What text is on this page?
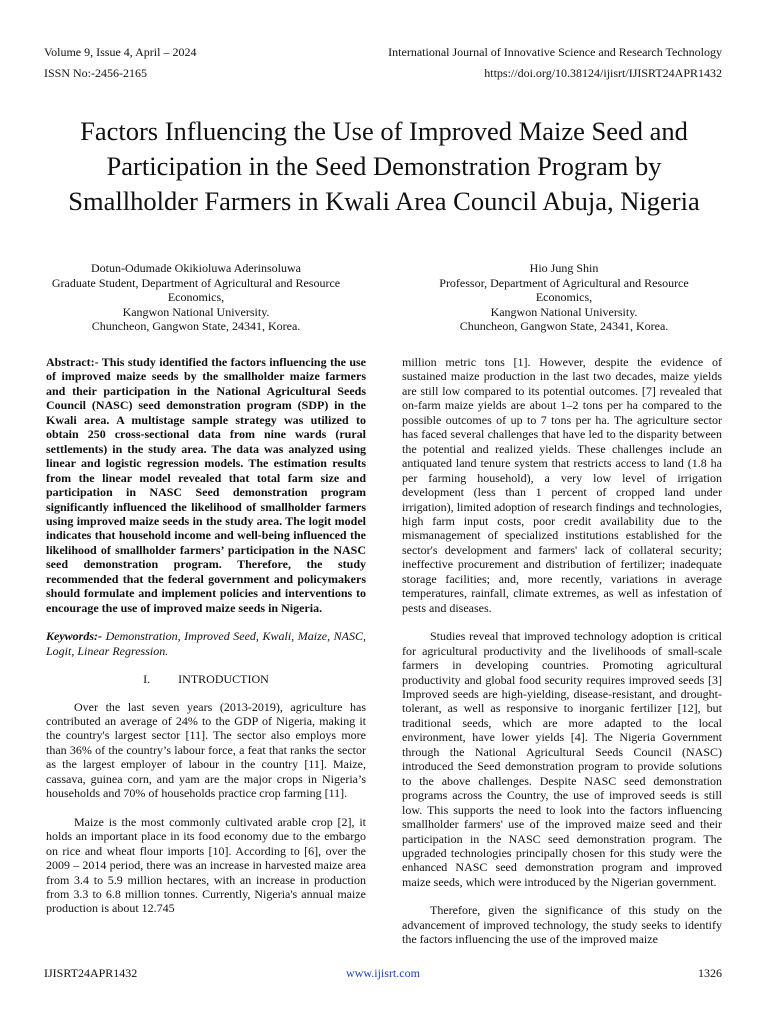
Volume 9, Issue 4, April – 2024	International Journal of Innovative Science and Research Technology
ISSN No:-2456-2165	https://doi.org/10.38124/ijisrt/IJISRT24APR1432
Factors Influencing the Use of Improved Maize Seed and Participation in the Seed Demonstration Program by Smallholder Farmers in Kwali Area Council Abuja, Nigeria
Dotun-Odumade Okikioluwa Aderinsoluwa
Graduate Student, Department of Agricultural and Resource Economics,
Kangwon National University.
Chuncheon, Gangwon State, 24341, Korea.
Hio Jung Shin
Professor, Department of Agricultural and Resource Economics,
Kangwon National University.
Chuncheon, Gangwon State, 24341, Korea.

Abstract:- This study identified the factors influencing the use of improved maize seeds by the smallholder maize farmers and their participation in the National Agricultural Seeds Council (NASC) seed demonstration program (SDP) in the Kwali area. A multistage sample strategy was utilized to obtain 250 cross-sectional data from nine wards (rural settlements) in the study area. The data was analyzed using linear and logistic regression models. The estimation results from the linear model revealed that total farm size and participation in NASC Seed demonstration program significantly influenced the likelihood of smallholder farmers using improved maize seeds in the study area. The logit model indicates that household income and well-being influenced the likelihood of smallholder farmers’ participation in the NASC seed demonstration program. Therefore, the study recommended that the federal government and policymakers should formulate and implement policies and interventions to encourage the use of improved maize seeds in Nigeria.

Keywords:- Demonstration, Improved Seed, Kwali, Maize, NASC, Logit, Linear Regression.

I. INTRODUCTION

Over the last seven years (2013-2019), agriculture has contributed an average of 24% to the GDP of Nigeria, making it the country's largest sector [11]. The sector also employs more than 36% of the country’s labour force, a feat that ranks the sector as the largest employer of labour in the country [11]. Maize, cassava, guinea corn, and yam are the major crops in Nigeria’s households and 70% of households practice crop farming [11].

Maize is the most commonly cultivated arable crop [2], it holds an important place in its food economy due to the embargo on rice and wheat flour imports [10]. According to [6], over the 2009 – 2014 period, there was an increase in harvested maize area from 3.4 to 5.9 million hectares, with an increase in production from 3.3 to 6.8 million tonnes. Currently, Nigeria's annual maize production is about 12.745

million metric tons [1]. However, despite the evidence of sustained maize production in the last two decades, maize yields are still low compared to its potential outcomes. [7] revealed that on-farm maize yields are about 1–2 tons per ha compared to the possible outcomes of up to 7 tons per ha. The agriculture sector has faced several challenges that have led to the disparity between the potential and realized yields. These challenges include an antiquated land tenure system that restricts access to land (1.8 ha per farming household), a very low level of irrigation development (less than 1 percent of cropped land under irrigation), limited adoption of research findings and technologies, high farm input costs, poor credit availability due to the mismanagement of specialized institutions established for the sector's development and farmers' lack of collateral security; ineffective procurement and distribution of fertilizer; inadequate storage facilities; and, more recently, variations in average temperatures, rainfall, climate extremes, as well as infestation of pests and diseases.

Studies reveal that improved technology adoption is critical for agricultural productivity and the livelihoods of small-scale farmers in developing countries. Promoting agricultural productivity and global food security requires improved seeds [3] Improved seeds are high-yielding, disease-resistant, and drought-tolerant, as well as responsive to inorganic fertilizer [12], but traditional seeds, which are more adapted to the local environment, have lower yields [4]. The Nigeria Government through the National Agricultural Seeds Council (NASC) introduced the Seed demonstration program to provide solutions to the above challenges. Despite NASC seed demonstration programs across the Country, the use of improved seeds is still low. This supports the need to look into the factors influencing smallholder farmers' use of the improved maize seed and their participation in the NASC seed demonstration program. The upgraded technologies principally chosen for this study were the enhanced NASC seed demonstration program and improved maize seeds, which were introduced by the Nigerian government.

Therefore, given the significance of this study on the advancement of improved technology, the study seeks to identify the factors influencing the use of the improved maize

IJISRT24APR1432	www.ijisrt.com	1326
